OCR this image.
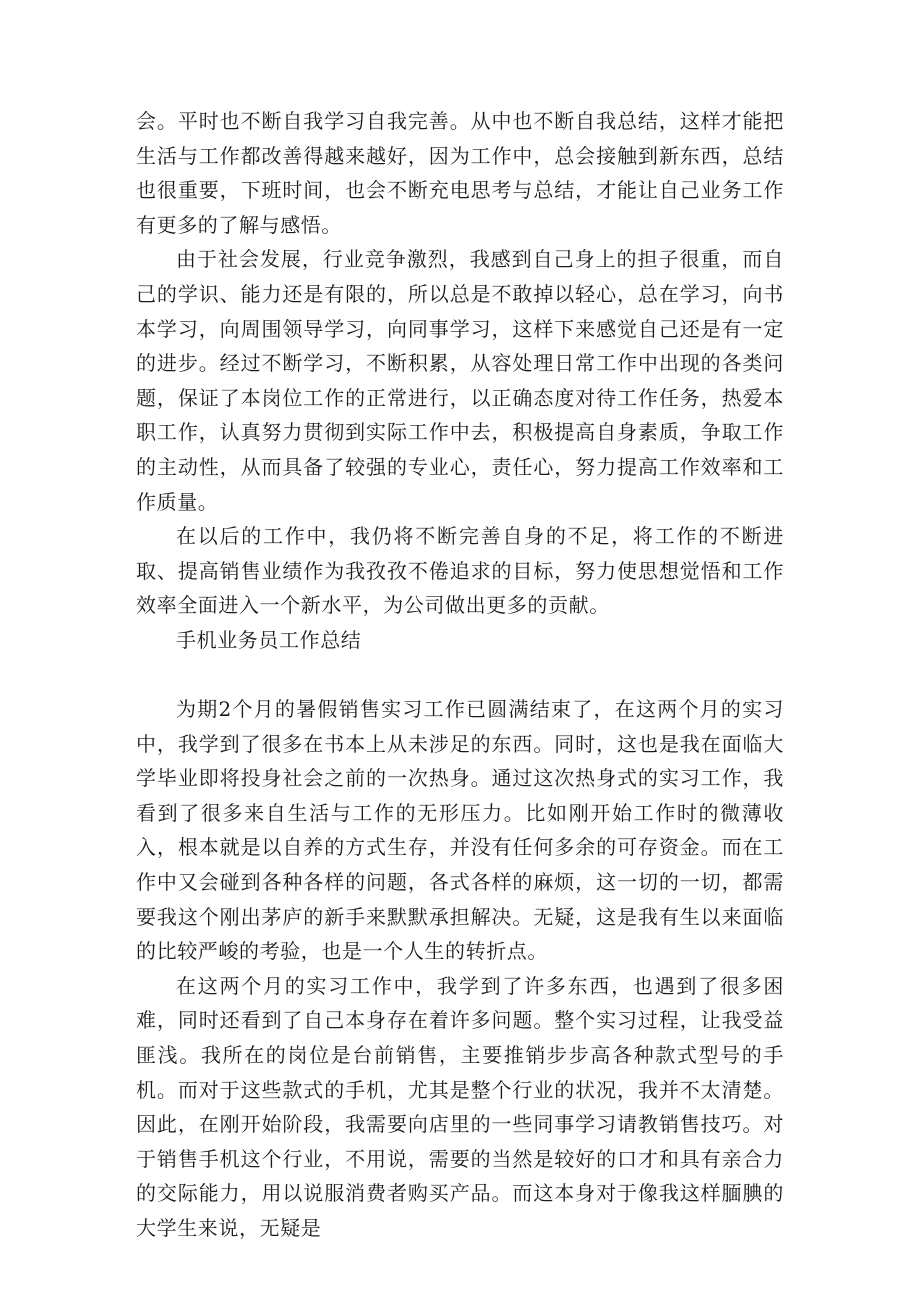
会。平时也不断自我学习自我完善。从中也不断自我总结，这样才能把生活与工作都改善得越来越好，因为工作中，总会接触到新东西，总结也很重要，下班时间，也会不断充电思考与总结，才能让自己业务工作有更多的了解与感悟。

由于社会发展，行业竞争激烈，我感到自己身上的担子很重，而自己的学识、能力还是有限的，所以总是不敢掉以轻心，总在学习，向书本学习，向周围领导学习，向同事学习，这样下来感觉自己还是有一定的进步。经过不断学习，不断积累，从容处理日常工作中出现的各类问题，保证了本岗位工作的正常进行，以正确态度对待工作任务，热爱本职工作，认真努力贯彻到实际工作中去，积极提高自身素质，争取工作的主动性，从而具备了较强的专业心，责任心，努力提高工作效率和工作质量。

在以后的工作中，我仍将不断完善自身的不足，将工作的不断进取、提高销售业绩作为我孜孜不倦追求的目标，努力使思想觉悟和工作效率全面进入一个新水平，为公司做出更多的贡献。

手机业务员工作总结

为期2个月的暑假销售实习工作已圆满结束了，在这两个月的实习中，我学到了很多在书本上从未涉足的东西。同时，这也是我在面临大学毕业即将投身社会之前的一次热身。通过这次热身式的实习工作，我看到了很多来自生活与工作的无形压力。比如刚开始工作时的微薄收入，根本就是以自养的方式生存，并没有任何多余的可存资金。而在工作中又会碰到各种各样的问题，各式各样的麻烦，这一切的一切，都需要我这个刚出茅庐的新手来默默承担解决。无疑，这是我有生以来面临的比较严峻的考验，也是一个人生的转折点。

在这两个月的实习工作中，我学到了许多东西，也遇到了很多困难，同时还看到了自己本身存在着许多问题。整个实习过程，让我受益匪浅。我所在的岗位是台前销售，主要推销步步高各种款式型号的手机。而对于这些款式的手机，尤其是整个行业的状况，我并不太清楚。因此，在刚开始阶段，我需要向店里的一些同事学习请教销售技巧。对于销售手机这个行业，不用说，需要的当然是较好的口才和具有亲合力的交际能力，用以说服消费者购买产品。而这本身对于像我这样腼腆的大学生来说，无疑是
